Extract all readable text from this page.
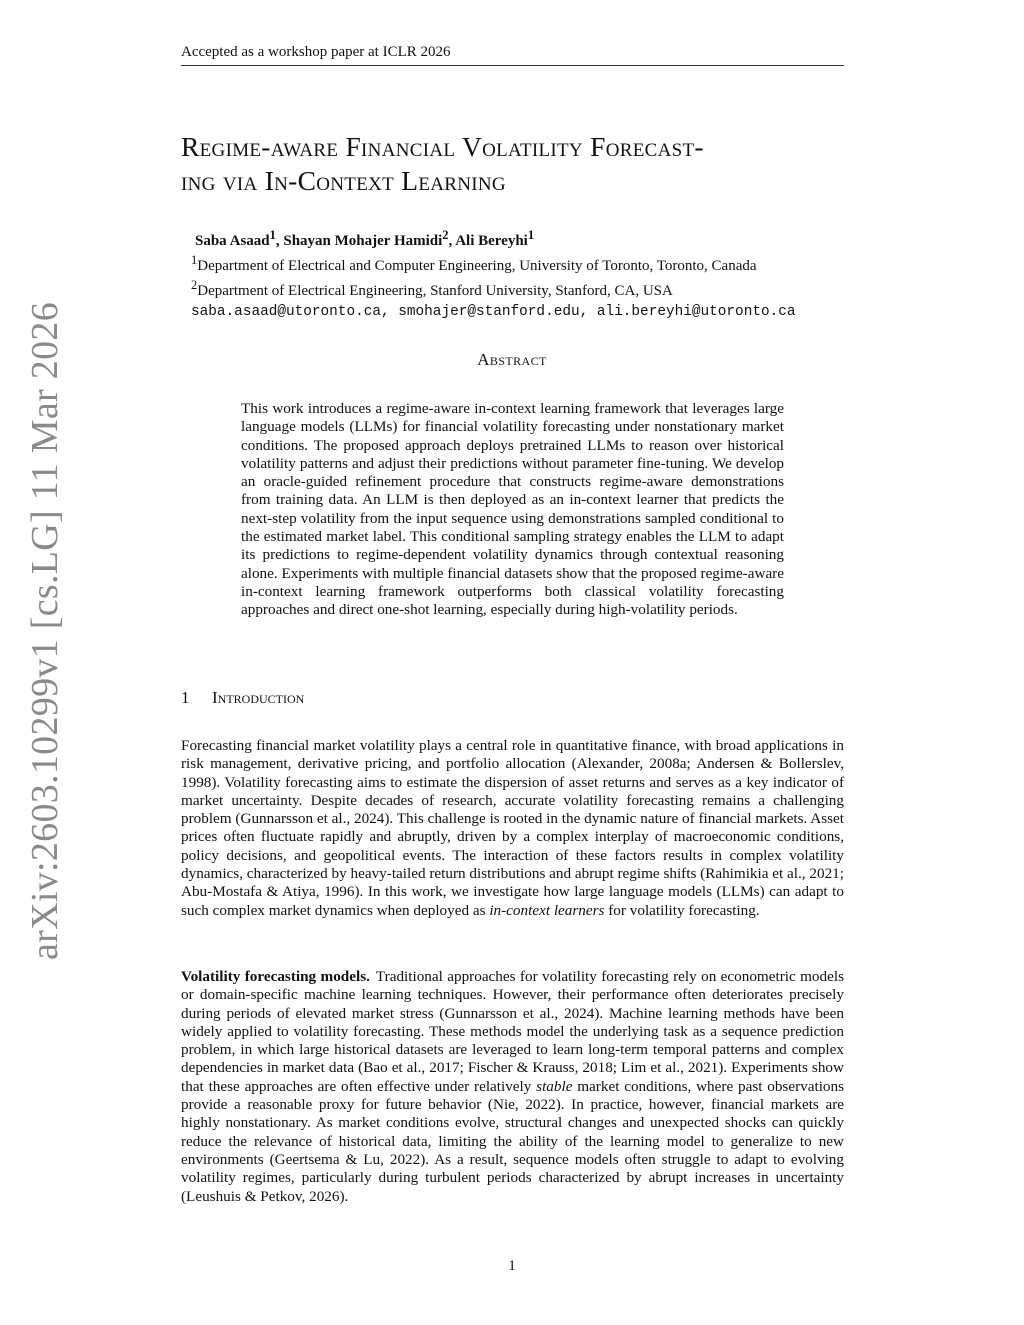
Accepted as a workshop paper at ICLR 2026
Regime-aware Financial Volatility Forecast-
ing via In-Context Learning
Saba Asaad$^1$, Shayan Mohajer Hamidi$^2$, Ali Bereyhi$^1$
$^1$Department of Electrical and Computer Engineering, University of Toronto, Toronto, Canada
$^2$Department of Electrical Engineering, Stanford University, Stanford, CA, USA
saba.asaad@utoronto.ca, smohajer@stanford.edu, ali.bereyhi@utoronto.ca
Abstract

This work introduces a regime-aware in-context learning framework that leverages large language models (LLMs) for financial volatility forecasting under nonstationary market conditions. The proposed approach deploys pretrained LLMs to reason over historical volatility patterns and adjust their predictions without parameter fine-tuning. We develop an oracle-guided refinement procedure that constructs regime-aware demonstrations from training data. An LLM is then deployed as an in-context learner that predicts the next-step volatility from the input sequence using demonstrations sampled conditional to the estimated market label. This conditional sampling strategy enables the LLM to adapt its predictions to regime-dependent volatility dynamics through contextual reasoning alone. Experiments with multiple financial datasets show that the proposed regime-aware in-context learning framework outperforms both classical volatility forecasting approaches and direct one-shot learning, especially during high-volatility periods.

1 Introduction

Forecasting financial market volatility plays a central role in quantitative finance, with broad applications in risk management, derivative pricing, and portfolio allocation (Alexander, 2008a; Andersen & Bollerslev, 1998). Volatility forecasting aims to estimate the dispersion of asset returns and serves as a key indicator of market uncertainty. Despite decades of research, accurate volatility forecasting remains a challenging problem (Gunnarsson et al., 2024). This challenge is rooted in the dynamic nature of financial markets. Asset prices often fluctuate rapidly and abruptly, driven by a complex interplay of macroeconomic conditions, policy decisions, and geopolitical events. The interaction of these factors results in complex volatility dynamics, characterized by heavy-tailed return distributions and abrupt regime shifts (Rahimikia et al., 2021; Abu-Mostafa & Atiya, 1996). In this work, we investigate how large language models (LLMs) can adapt to such complex market dynamics when deployed as in-context learners for volatility forecasting.

Volatility forecasting models. Traditional approaches for volatility forecasting rely on econometric models or domain-specific machine learning techniques. However, their performance often deteriorates precisely during periods of elevated market stress (Gunnarsson et al., 2024). Machine learning methods have been widely applied to volatility forecasting. These methods model the underlying task as a sequence prediction problem, in which large historical datasets are leveraged to learn long-term temporal patterns and complex dependencies in market data (Bao et al., 2017; Fischer & Krauss, 2018; Lim et al., 2021). Experiments show that these approaches are often effective under relatively stable market conditions, where past observations provide a reasonable proxy for future behavior (Nie, 2022). In practice, however, financial markets are highly nonstationary. As market conditions evolve, structural changes and unexpected shocks can quickly reduce the relevance of historical data, limiting the ability of the learning model to generalize to new environments (Geertsema & Lu, 2022). As a result, sequence models often struggle to adapt to evolving volatility regimes, particularly during turbulent periods characterized by abrupt increases in uncertainty (Leushuis & Petkov, 2026).

1
arXiv:2603.10299v1 [cs.LG] 11 Mar 2026
